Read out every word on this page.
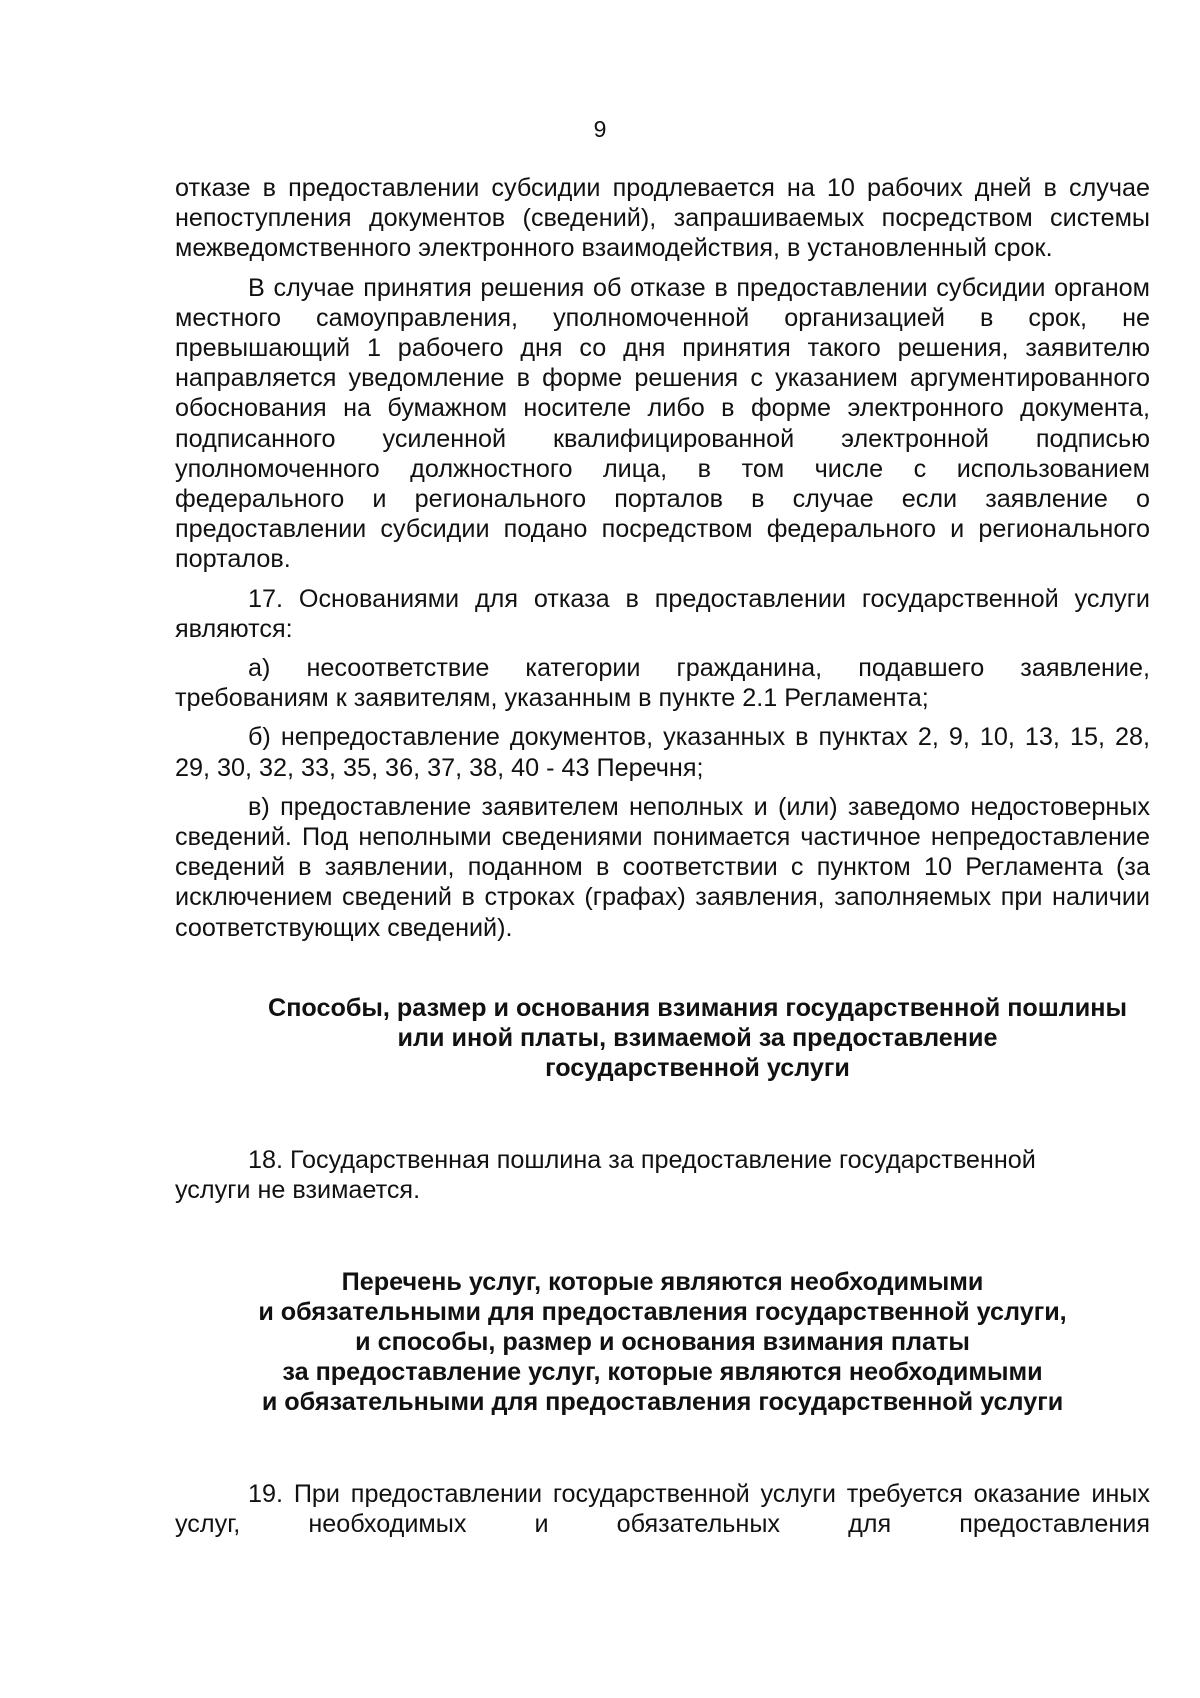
9

отказе в предоставлении субсидии продлевается на 10 рабочих дней в случае непоступления документов (сведений), запрашиваемых посредством системы межведомственного электронного взаимодействия, в установленный срок.

В случае принятия решения об отказе в предоставлении субсидии органом местного самоуправления, уполномоченной организацией в срок, не превышающий 1 рабочего дня со дня принятия такого решения, заявителю направляется уведомление в форме решения с указанием аргументированного обоснования на бумажном носителе либо в форме электронного документа, подписанного усиленной квалифицированной электронной подписью уполномоченного должностного лица, в том числе с использованием федерального и регионального порталов в случае если заявление о предоставлении субсидии подано посредством федерального и регионального порталов.

17. Основаниями для отказа в предоставлении государственной услуги являются:

а) несоответствие категории гражданина, подавшего заявление, требованиям к заявителям, указанным в пункте 2.1 Регламента;

б) непредоставление документов, указанных в пунктах 2, 9, 10, 13, 15, 28, 29, 30, 32, 33, 35, 36, 37, 38, 40 - 43 Перечня;

в) предоставление заявителем неполных и (или) заведомо недостоверных сведений. Под неполными сведениями понимается частичное непредоставление сведений в заявлении, поданном в соответствии с пунктом 10 Регламента (за исключением сведений в строках (графах) заявления, заполняемых при наличии соответствующих сведений).

Способы, размер и основания взимания государственной пошлины
или иной платы, взимаемой за предоставление
государственной услуги

18. Государственная пошлина за предоставление государственной услуги не взимается.

Перечень услуг, которые являются необходимыми
и обязательными для предоставления государственной услуги,
и способы, размер и основания взимания платы
за предоставление услуг, которые являются необходимыми
и обязательными для предоставления государственной услуги

19. При предоставлении государственной услуги требуется оказание иных услуг, необходимых и обязательных для предоставления
